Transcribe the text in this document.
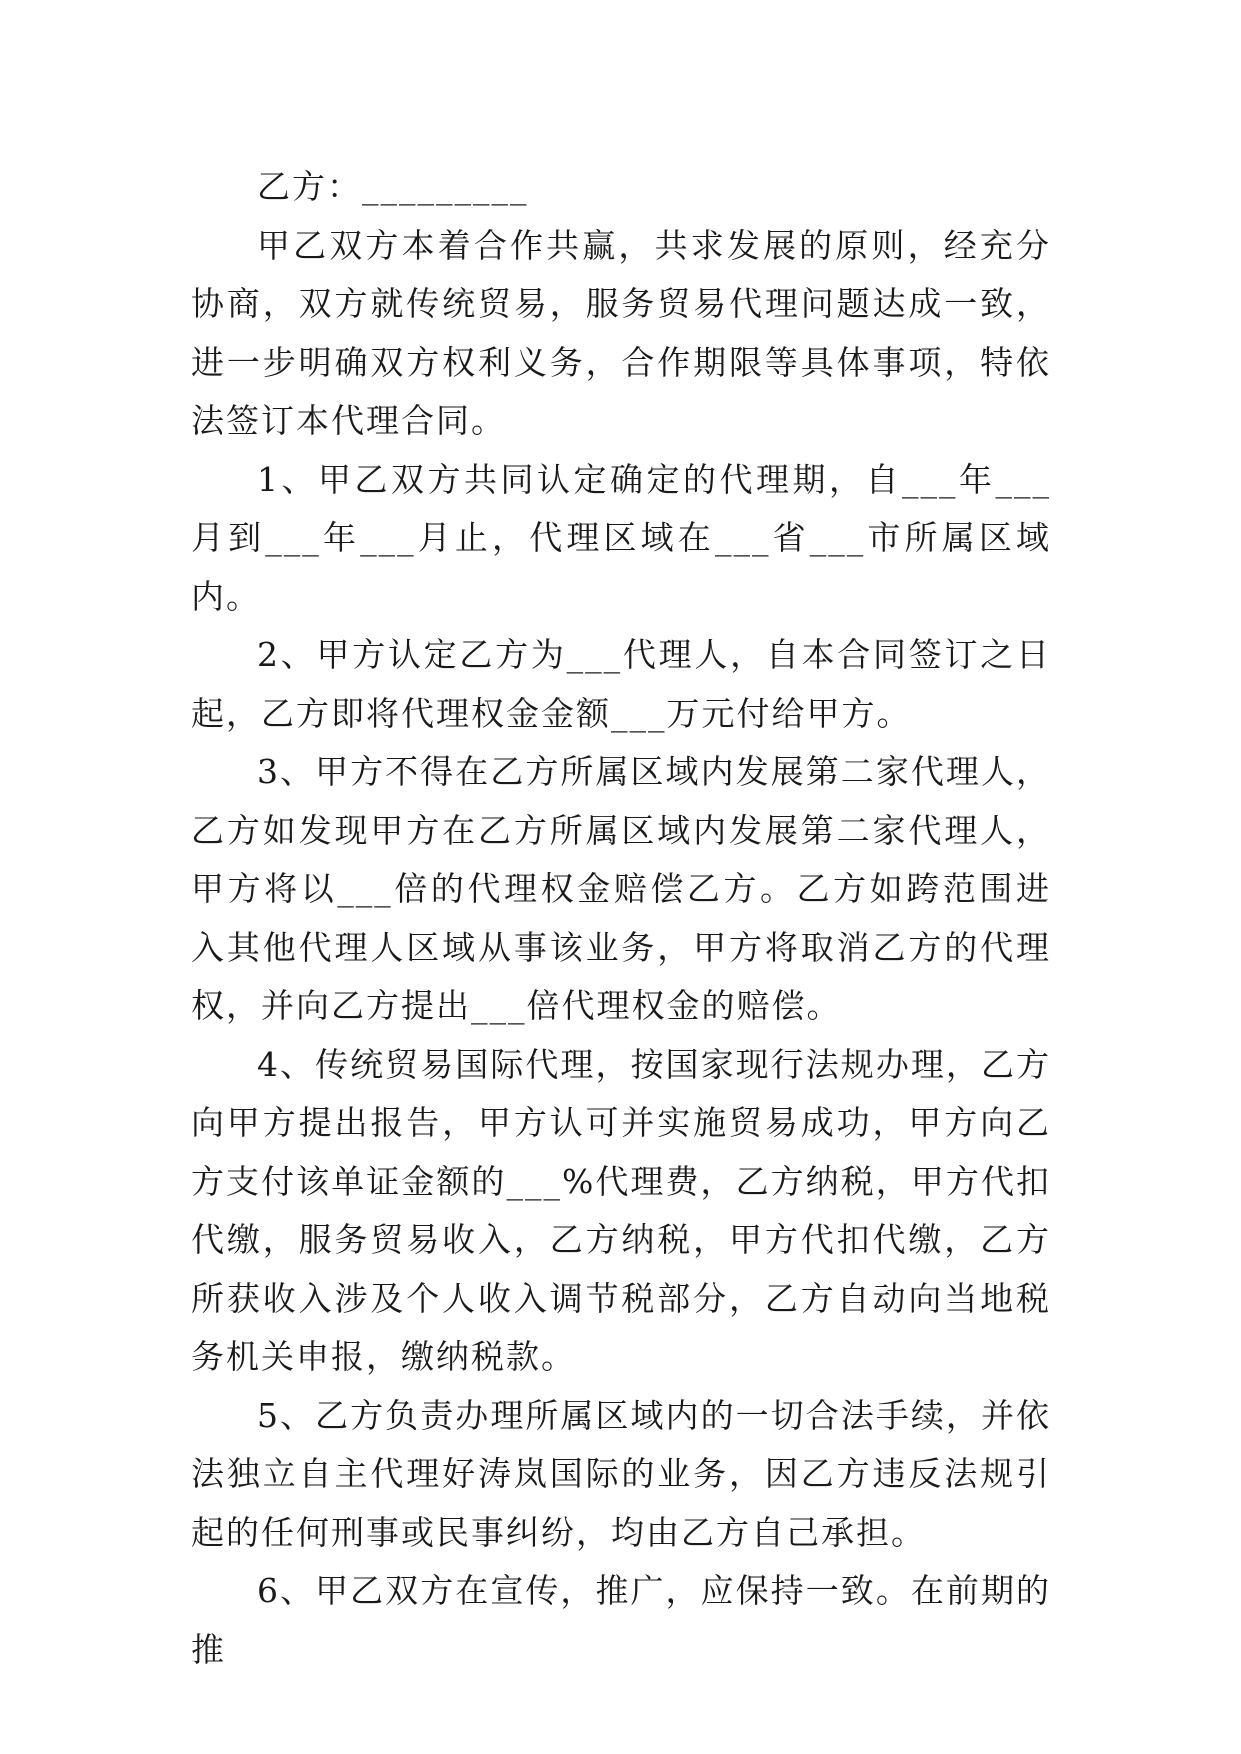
乙方：_________

甲乙双方本着合作共赢，共求发展的原则，经充分协商，双方就传统贸易，服务贸易代理问题达成一致，进一步明确双方权利义务，合作期限等具体事项，特依法签订本代理合同。

1、甲乙双方共同认定确定的代理期，自___年___月到___年___月止，代理区域在___省___市所属区域内。

2、甲方认定乙方为___代理人，自本合同签订之日起，乙方即将代理权金金额___万元付给甲方。

3、甲方不得在乙方所属区域内发展第二家代理人，乙方如发现甲方在乙方所属区域内发展第二家代理人，甲方将以___倍的代理权金赔偿乙方。乙方如跨范围进入其他代理人区域从事该业务，甲方将取消乙方的代理权，并向乙方提出___倍代理权金的赔偿。

4、传统贸易国际代理，按国家现行法规办理，乙方向甲方提出报告，甲方认可并实施贸易成功，甲方向乙方支付该单证金额的___%代理费，乙方纳税，甲方代扣代缴，服务贸易收入，乙方纳税，甲方代扣代缴，乙方所获收入涉及个人收入调节税部分，乙方自动向当地税务机关申报，缴纳税款。

5、乙方负责办理所属区域内的一切合法手续，并依法独立自主代理好涛岚国际的业务，因乙方违反法规引起的任何刑事或民事纠纷，均由乙方自己承担。

6、甲乙双方在宣传，推广，应保持一致。在前期的推
